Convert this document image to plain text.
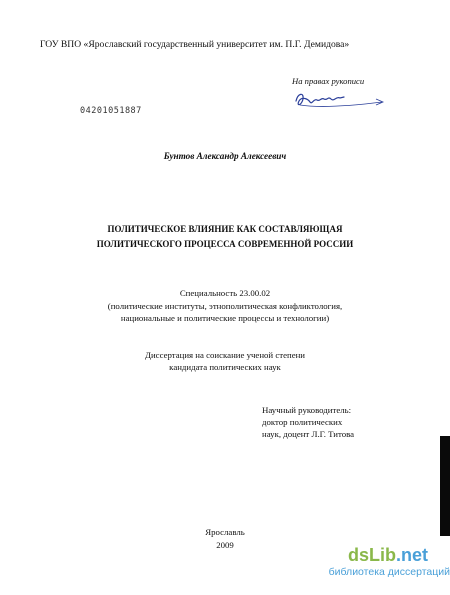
ГОУ ВПО «Ярославский государственный университет им. П.Г. Демидова»
На правах рукописи
04201051887
Бунтов Александр Алексеевич
ПОЛИТИЧЕСКОЕ ВЛИЯНИЕ КАК СОСТАВЛЯЮЩАЯ
ПОЛИТИЧЕСКОГО ПРОЦЕССА СОВРЕМЕННОЙ РОССИИ
Специальность 23.00.02
(политические институты, этнополитическая конфликтология,
национальные и политические процессы и технологии)
Диссертация на соискание ученой степени
кандидата политических наук
Научный руководитель:
доктор политических
наук, доцент Л.Г. Титова
Ярославль
2009	dsLib.net
библиотека диссертаций
